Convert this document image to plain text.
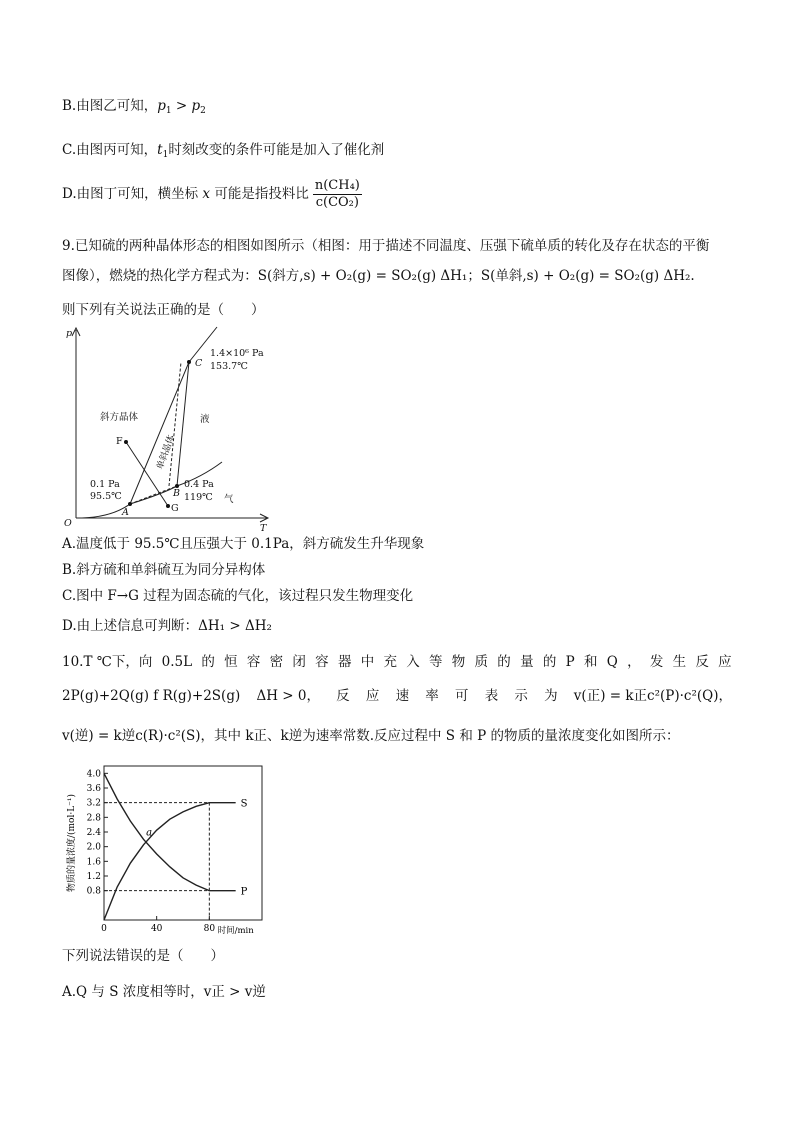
B.由图乙可知，$p_1 > p_2$
C.由图丙可知，$t_1$时刻改变的条件可能是加入了催化剂
D.由图丁可知，横坐标 x 可能是指投料比 $\frac{\text{n(CH₄)}}{\text{c(CO₂)}}$
9.已知硫的两种晶体形态的相图如图所示（相图：用于描述不同温度、压强下硫单质的转化及存在状态的平衡
图像），燃烧的热化学方程式为：S(斜方,s) + O₂(g) = SO₂(g) ΔH₁；S(单斜,s) + O₂(g) = SO₂(g) ΔH₂.
则下列有关说法正确的是（　　）
p
T
O
C
1.4×10⁶ Pa
153.7℃
A
0.1 Pa
95.5℃	B
0.4 Pa
119℃
F
G
斜方晶体	液
气
单斜晶体
A.温度低于 95.5℃且压强大于 0.1Pa，斜方硫发生升华现象
B.斜方硫和单斜硫互为同分异构体
C.图中 F→G 过程为固态硫的气化，该过程只发生物理变化
D.由上述信息可判断：ΔH₁ > ΔH₂
10.T ℃下，向 0.5L 的 恒 容 密 闭 容 器 中 充 入 等 物 质 的 量 的 P 和 Q ， 发 生 反 应
2P(g)+2Q(g) f R(g)+2S(g) ΔH > 0， 反 应 速 率 可 表 示 为 v(正) = k正c²(P)·c²(Q)，
v(逆) = k逆c(R)·c²(S)，其中 k正、k逆为速率常数.反应过程中 S 和 P 的物质的量浓度变化如图所示：
0.8
1.2
1.6
2.0
2.4
2.8
3.2
3.6
4.0
0	40	80 时间/min
物质的量浓度/(mol·L⁻¹)	S
P
a
下列说法错误的是（　　）
A.Q 与 S 浓度相等时，v正 > v逆
